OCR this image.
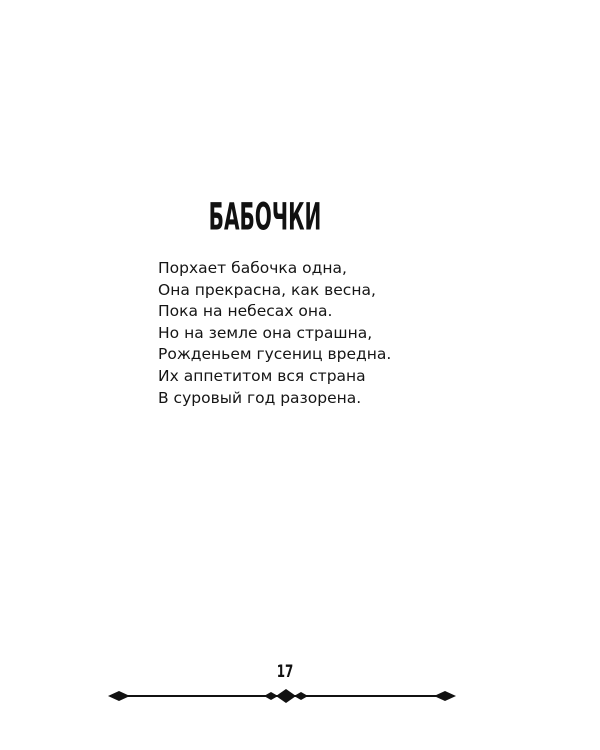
БАБОЧКИ
Порхает бабочка одна,
Она прекрасна, как весна,
Пока на небесах она.
Но на земле она страшна,
Рожденьем гусениц вредна.
Их аппетитом вся страна
В суровый год разорена.
17
